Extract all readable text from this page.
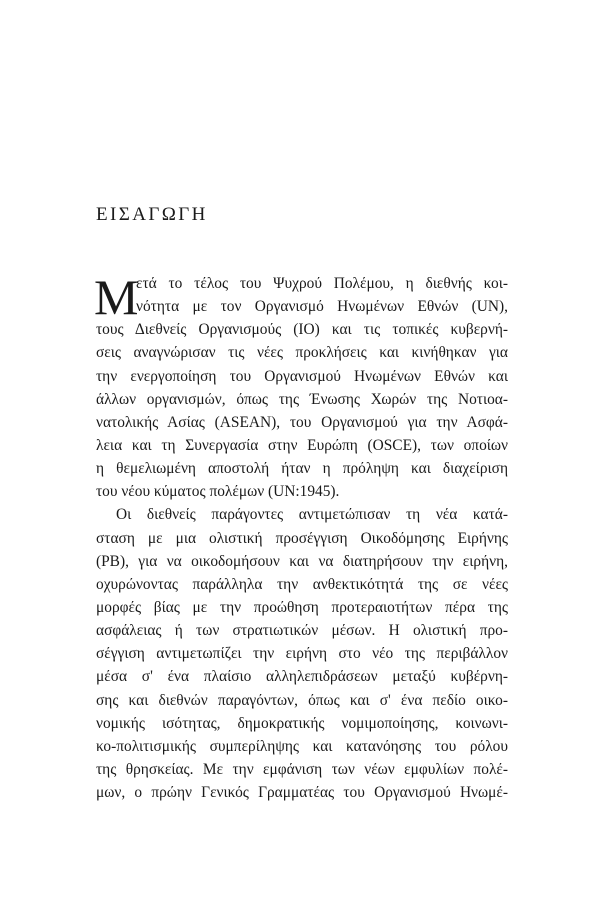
ΕΙΣΑΓΩΓΗ
Μ
ετά το τέλος του Ψυχρού Πολέμου, η διεθνής κοι-
νότητα με τον Οργανισμό Ηνωμένων Εθνών (UN),
τους Διεθνείς Οργανισμούς (IO) και τις τοπικές κυβερνή-
σεις αναγνώρισαν τις νέες προκλήσεις και κινήθηκαν για
την ενεργοποίηση του Οργανισμού Ηνωμένων Εθνών και
άλλων οργανισμών, όπως της Ένωσης Χωρών της Νοτιοα-
νατολικής Ασίας (ASEAN), του Οργανισμού για την Ασφά-
λεια και τη Συνεργασία στην Ευρώπη (OSCE), των οποίων
η θεμελιωμένη αποστολή ήταν η πρόληψη και διαχείριση
του νέου κύματος πολέμων (UN:1945).
Οι διεθνείς παράγοντες αντιμετώπισαν τη νέα κατά-
σταση με μια ολιστική προσέγγιση Οικοδόμησης Ειρήνης
(PB), για να οικοδομήσουν και να διατηρήσουν την ειρήνη,
οχυρώνοντας παράλληλα την ανθεκτικότητά της σε νέες
μορφές βίας με την προώθηση προτεραιοτήτων πέρα της
ασφάλειας ή των στρατιωτικών μέσων. Η ολιστική προ-
σέγγιση αντιμετωπίζει την ειρήνη στο νέο της περιβάλλον
μέσα σ' ένα πλαίσιο αλληλεπιδράσεων μεταξύ κυβέρνη-
σης και διεθνών παραγόντων, όπως και σ' ένα πεδίο οικο-
νομικής ισότητας, δημοκρατικής νομιμοποίησης, κοινωνι-
κο-πολιτισμικής συμπερίληψης και κατανόησης του ρόλου
της θρησκείας. Με την εμφάνιση των νέων εμφυλίων πολέ-
μων, ο πρώην Γενικός Γραμματέας του Οργανισμού Ηνωμέ-
